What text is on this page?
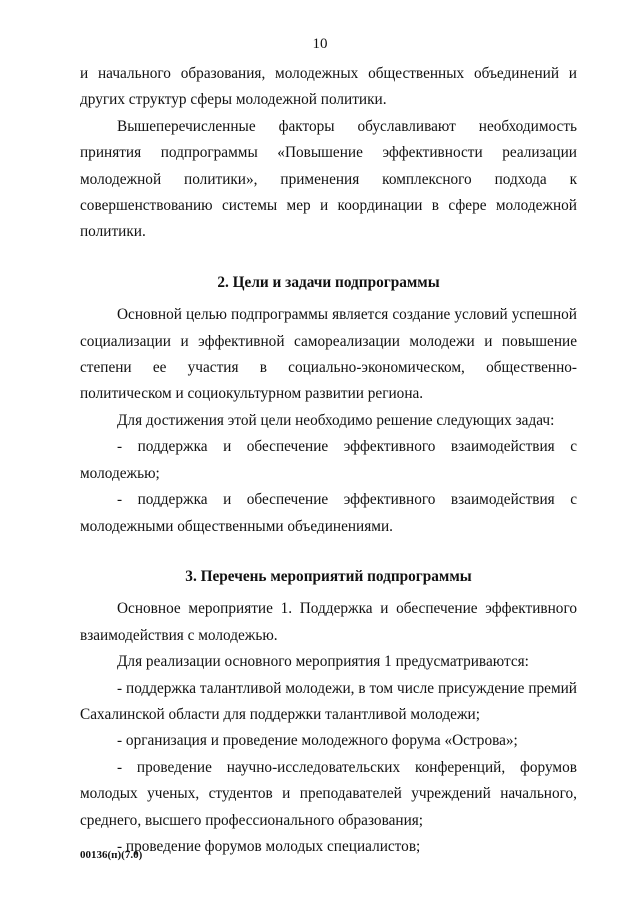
10

и начального образования, молодежных общественных объединений и других структур сферы молодежной политики.

Вышеперечисленные факторы обуславливают необходимость принятия подпрограммы «Повышение эффективности реализации молодежной политики», применения комплексного подхода к совершенствованию системы мер и координации в сфере молодежной политики.

2. Цели и задачи подпрограммы

Основной целью подпрограммы является создание условий успешной социализации и эффективной самореализации молодежи и повышение степени ее участия в социально-экономическом, общественно-политическом и социокультурном развитии региона.

Для достижения этой цели необходимо решение следующих задач:

- поддержка и обеспечение эффективного взаимодействия с молодежью;

- поддержка и обеспечение эффективного взаимодействия с молодежными общественными объединениями.

3. Перечень мероприятий подпрограммы

Основное мероприятие 1. Поддержка и обеспечение эффективного взаимодействия с молодежью.

Для реализации основного мероприятия 1 предусматриваются:

- поддержка талантливой молодежи, в том числе присуждение премий Сахалинской области для поддержки талантливой молодежи;

- организация и проведение молодежного форума «Острова»;

- проведение научно-исследовательских конференций, форумов молодых ученых, студентов и преподавателей учреждений начального, среднего, высшего профессионального образования;

- проведение форумов молодых специалистов;

00136(п)(7.0)
